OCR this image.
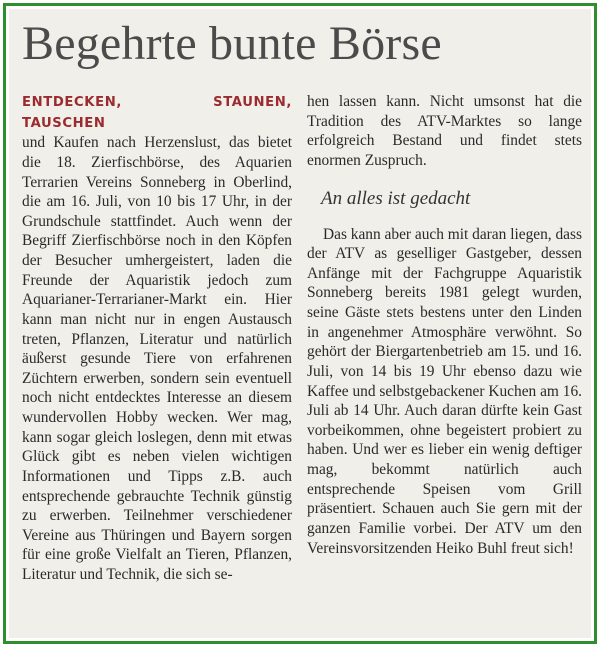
Begehrte bunte Börse

ENTDECKEN, STAUNEN, TAUSCHEN
und Kaufen nach Herzenslust, das bietet die 18. Zierfischbörse, des Aquarien Terrarien Vereins Sonneberg in Oberlind, die am 16. Juli, von 10 bis 17 Uhr, in der Grundschule stattfindet. Auch wenn der Begriff Zierfischbörse noch in den Köpfen der Besucher umhergeistert, laden die Freunde der Aquaristik jedoch zum Aquarianer-Terrarianer-Markt ein. Hier kann man nicht nur in engen Austausch treten, Pflanzen, Literatur und natürlich äußerst gesunde Tiere von erfahrenen Züchtern erwerben, sondern sein eventuell noch nicht entdecktes Interesse an diesem wundervollen Hobby wecken. Wer mag, kann sogar gleich loslegen, denn mit etwas Glück gibt es neben vielen wichtigen Informationen und Tipps z.B. auch entsprechende gebrauchte Technik günstig zu erwerben. Teilnehmer verschiedener Vereine aus Thüringen und Bayern sorgen für eine große Vielfalt an Tieren, Pflanzen, Literatur und Technik, die sich se-

hen lassen kann. Nicht umsonst hat die Tradition des ATV-Marktes so lange erfolgreich Bestand und findet stets enormen Zuspruch.

An alles ist gedacht

Das kann aber auch mit daran liegen, dass der ATV as geselliger Gastgeber, dessen Anfänge mit der Fachgruppe Aquaristik Sonneberg bereits 1981 gelegt wurden, seine Gäste stets bestens unter den Linden in angenehmer Atmosphäre verwöhnt. So gehört der Biergartenbetrieb am 15. und 16. Juli, von 14 bis 19 Uhr ebenso dazu wie Kaffee und selbstgebackener Kuchen am 16. Juli ab 14 Uhr. Auch daran dürfte kein Gast vorbeikommen, ohne begeistert probiert zu haben. Und wer es lieber ein wenig deftiger mag, bekommt natürlich auch entsprechende Speisen vom Grill präsentiert. Schauen auch Sie gern mit der ganzen Familie vorbei. Der ATV um den Vereinsvorsitzenden Heiko Buhl freut sich!
